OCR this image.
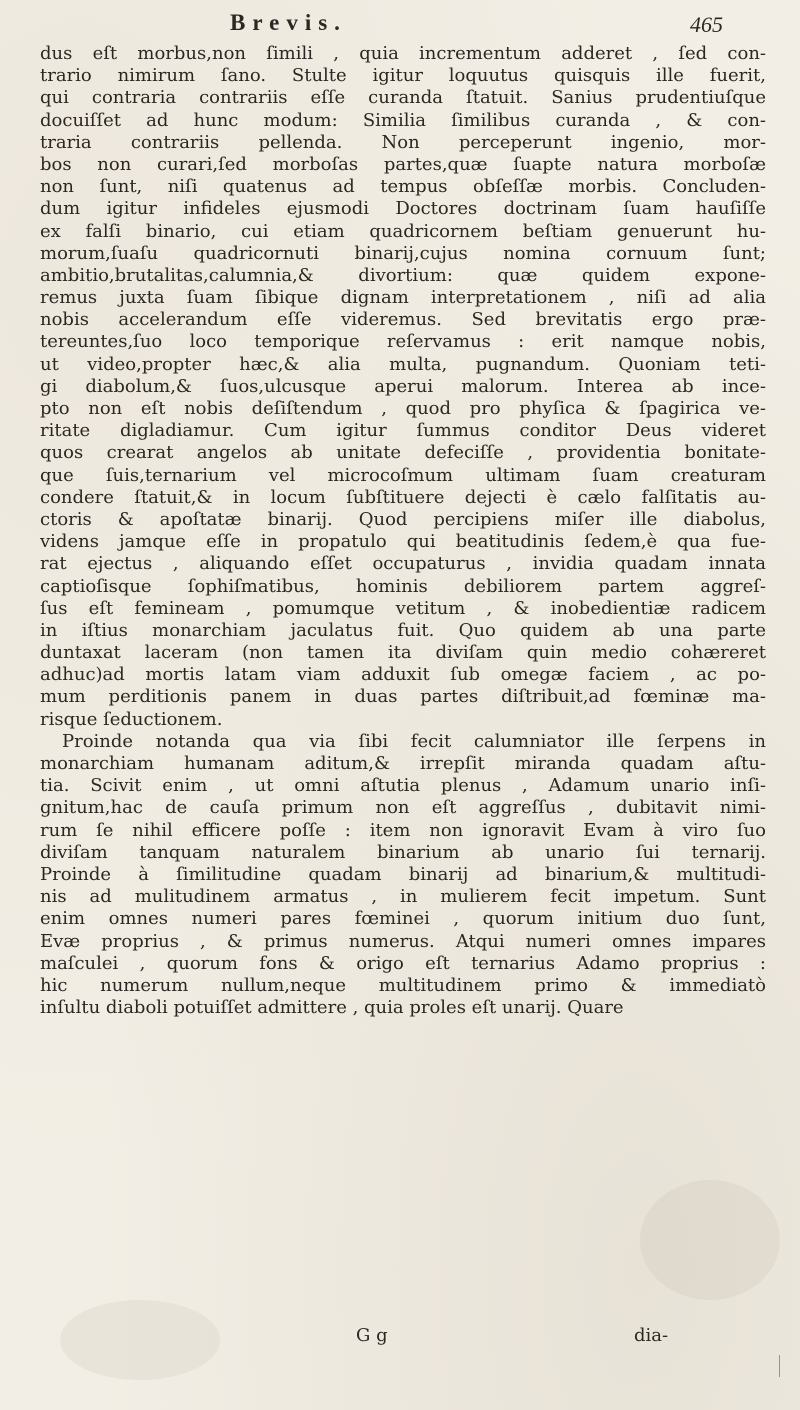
Brevis.	465
dus eſt morbus,non ſimili , quia incrementum adderet , ſed con-
trario nimirum ſano. Stulte igitur loquutus quisquis ille fuerit,
qui contraria contrariis eſſe curanda ſtatuit. Sanius prudentiuſque
docuiſſet ad hunc modum: Similia ſimilibus curanda , & con-
traria contrariis pellenda. Non perceperunt ingenio, mor-
bos non curari,ſed morboſas partes,quæ ſuapte natura morboſæ
non ſunt, niſi quatenus ad tempus obſeſſæ morbis. Concluden-
dum igitur infideles ejusmodi Doctores doctrinam ſuam hauſiſſe
ex falſi binario, cui etiam quadricornem beſtiam genuerunt hu-
morum,ſuaſu quadricornuti binarij,cujus nomina cornuum ſunt;
ambitio,brutalitas,calumnia,& divortium: quæ quidem expone-
remus juxta ſuam ſibique dignam interpretationem , niſi ad alia
nobis accelerandum eſſe videremus. Sed brevitatis ergo præ-
tereuntes,ſuo loco temporique reſervamus : erit namque nobis,
ut video,propter hæc,& alia multa, pugnandum. Quoniam teti-
gi diabolum,& ſuos,ulcusque aperui malorum. Interea ab ince-
pto non eſt nobis deſiſtendum , quod pro phyſica & ſpagirica ve-
ritate digladiamur. Cum igitur ſummus conditor Deus videret
quos crearat angelos ab unitate defeciſſe , providentia bonitate-
que ſuis,ternarium vel microcoſmum ultimam ſuam creaturam
condere ſtatuit,& in locum ſubſtituere dejecti è cælo falſitatis au-
ctoris & apoſtatæ binarij. Quod percipiens miſer ille diabolus,
videns jamque eſſe in propatulo qui beatitudinis ſedem,è qua fue-
rat ejectus , aliquando eſſet occupaturus , invidia quadam innata
captioſisque ſophiſmatibus, hominis debiliorem partem aggreſ-
ſus eſt femineam , pomumque vetitum , & inobedientiæ radicem
in iſtius monarchiam jaculatus fuit. Quo quidem ab una parte
duntaxat laceram (non tamen ita diviſam quin medio cohæreret
adhuc)ad mortis latam viam adduxit ſub omegæ faciem , ac po-
mum perditionis panem in duas partes diſtribuit,ad fœminæ ma-
risque ſeductionem.
Proinde notanda qua via ſibi fecit calumniator ille ſerpens in
monarchiam humanam aditum,& irrepſit miranda quadam aſtu-
tia. Scivit enim , ut omni aſtutia plenus , Adamum unario inſi-
gnitum,hac de cauſa primum non eſt aggreſſus , dubitavit nimi-
rum ſe nihil efficere poſſe : item non ignoravit Evam à viro ſuo
diviſam tanquam naturalem binarium ab unario ſui ternarij.
Proinde à ſimilitudine quadam binarij ad binarium,& multitudi-
nis ad mulitudinem armatus , in mulierem fecit impetum. Sunt
enim omnes numeri pares fœminei , quorum initium duo ſunt,
Evæ proprius , & primus numerus. Atqui numeri omnes impares
maſculei , quorum fons & origo eſt ternarius Adamo proprius :
hic numerum nullum,neque multitudinem primo & immediatò
inſultu diaboli potuiſſet admittere , quia proles eſt unarij. Quare
G g	dia-
